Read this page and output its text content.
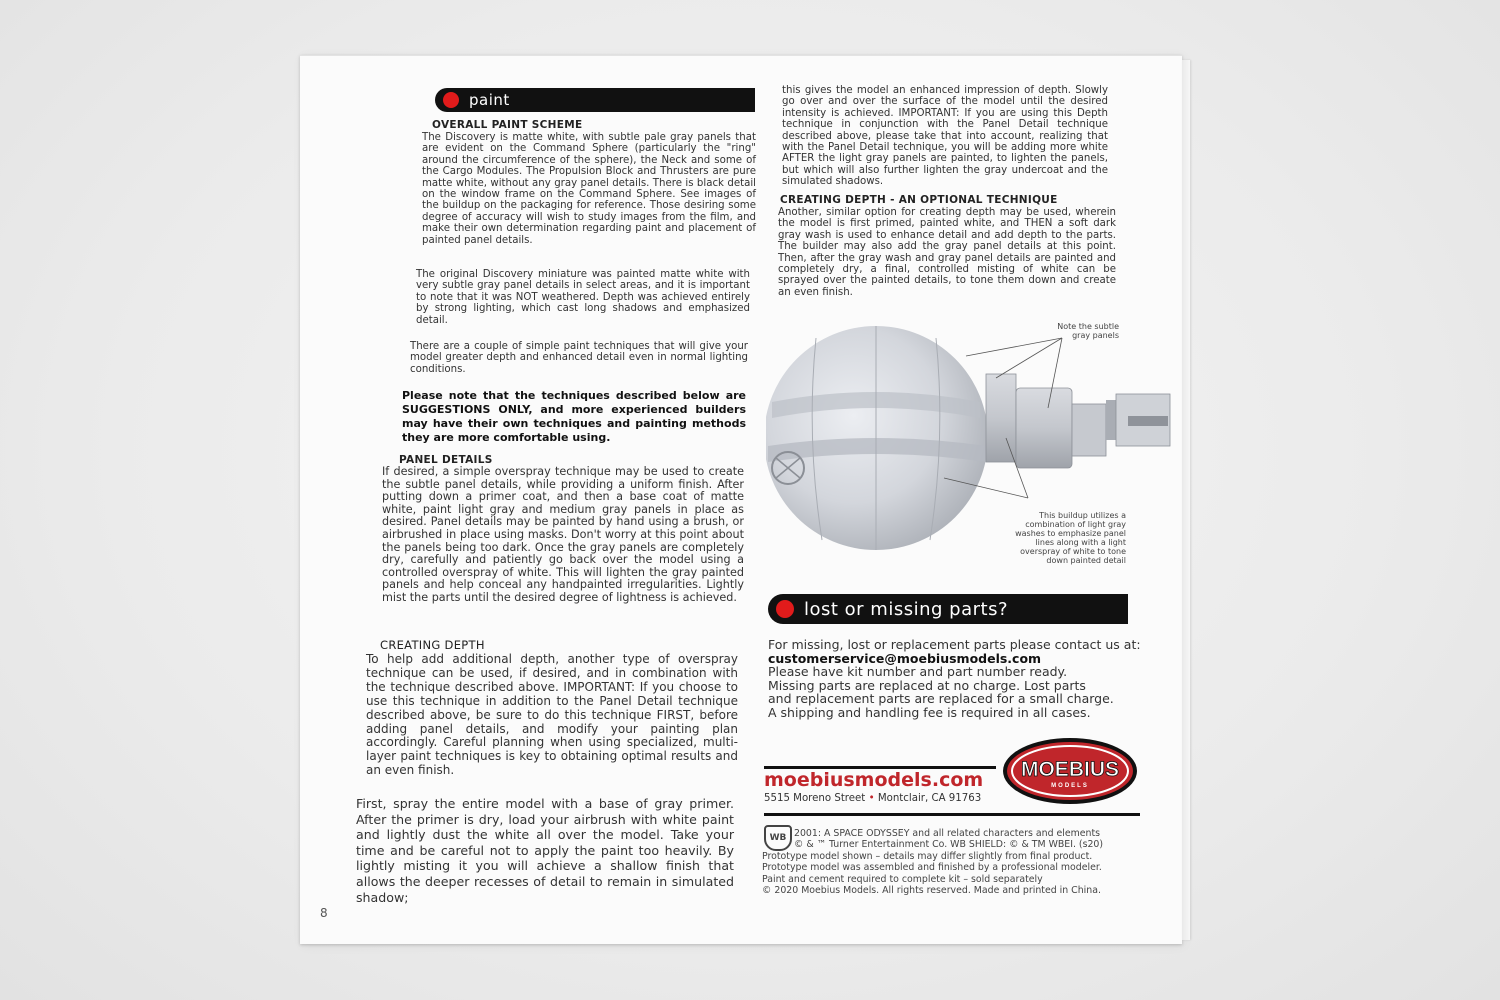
paint
OVERALL PAINT SCHEME
The Discovery is matte white, with subtle pale gray panels that are evident on the Command Sphere (particularly the "ring" around the circumference of the sphere), the Neck and some of the Cargo Modules. The Propulsion Block and Thrusters are pure matte white, without any gray panel details. There is black detail on the window frame on the Command Sphere. See images of the buildup on the packaging for reference. Those desiring some degree of accuracy will wish to study images from the film, and make their own determination regarding paint and placement of painted panel details.
The original Discovery miniature was painted matte white with very subtle gray panel details in select areas, and it is important to note that it was NOT weathered. Depth was achieved entirely by strong lighting, which cast long shadows and emphasized detail.
There are a couple of simple paint techniques that will give your model greater depth and enhanced detail even in normal lighting conditions.
Please note that the techniques described below are SUGGESTIONS ONLY, and more experienced builders may have their own techniques and painting methods they are more comfortable using.
PANEL DETAILS
If desired, a simple overspray technique may be used to create the subtle panel details, while providing a uniform finish. After putting down a primer coat, and then a base coat of matte white, paint light gray and medium gray panels in place as desired. Panel details may be painted by hand using a brush, or airbrushed in place using masks. Don't worry at this point about the panels being too dark. Once the gray panels are completely dry, carefully and patiently go back over the model using a controlled overspray of white. This will lighten the gray painted panels and help conceal any handpainted irregularities. Lightly mist the parts until the desired degree of lightness is achieved.
CREATING DEPTH
To help add additional depth, another type of overspray technique can be used, if desired, and in combination with the technique described above. IMPORTANT: If you choose to use this technique in addition to the Panel Detail technique described above, be sure to do this technique FIRST, before adding panel details, and modify your painting plan accordingly. Careful planning when using specialized, multi-layer paint techniques is key to obtaining optimal results and an even finish.
First, spray the entire model with a base of gray primer. After the primer is dry, load your airbrush with white paint and lightly dust the white all over the model. Take your time and be careful not to apply the paint too heavily. By lightly misting it you will achieve a shallow finish that allows the deeper recesses of detail to remain in simulated shadow;
this gives the model an enhanced impression of depth. Slowly go over and over the surface of the model until the desired intensity is achieved. IMPORTANT: If you are using this Depth technique in conjunction with the Panel Detail technique described above, please take that into account, realizing that with the Panel Detail technique, you will be adding more white AFTER the light gray panels are painted, to lighten the panels, but which will also further lighten the gray undercoat and the simulated shadows.
CREATING DEPTH - AN OPTIONAL TECHNIQUE
Another, similar option for creating depth may be used, wherein the model is first primed, painted white, and THEN a soft dark gray wash is used to enhance detail and add depth to the parts. The builder may also add the gray panel details at this point. Then, after the gray wash and gray panel details are painted and completely dry, a final, controlled misting of white can be sprayed over the painted details, to tone them down and create an even finish.
Note the subtle gray panels
This buildup utilizes a combination of light gray washes to emphasize panel lines along with a light overspray of white to tone down painted detail
lost or missing parts?
For missing, lost or replacement parts please contact us at:
customerservice@moebiusmodels.com
Please have kit number and part number ready.
Missing parts are replaced at no charge. Lost parts
and replacement parts are replaced for a small charge.
A shipping and handling fee is required in all cases.
moebiusmodels.com
5515 Moreno Street • Montclair, CA 91763
MOEBIUS
MODELS
WB 2001: A SPACE ODYSSEY and all related characters and elements
© & ™ Turner Entertainment Co. WB SHIELD: © & TM WBEI. (s20)
Prototype model shown – details may differ slightly from final product.
Prototype model was assembled and finished by a professional modeler.
Paint and cement required to complete kit – sold separately
© 2020 Moebius Models. All rights reserved. Made and printed in China.
8
